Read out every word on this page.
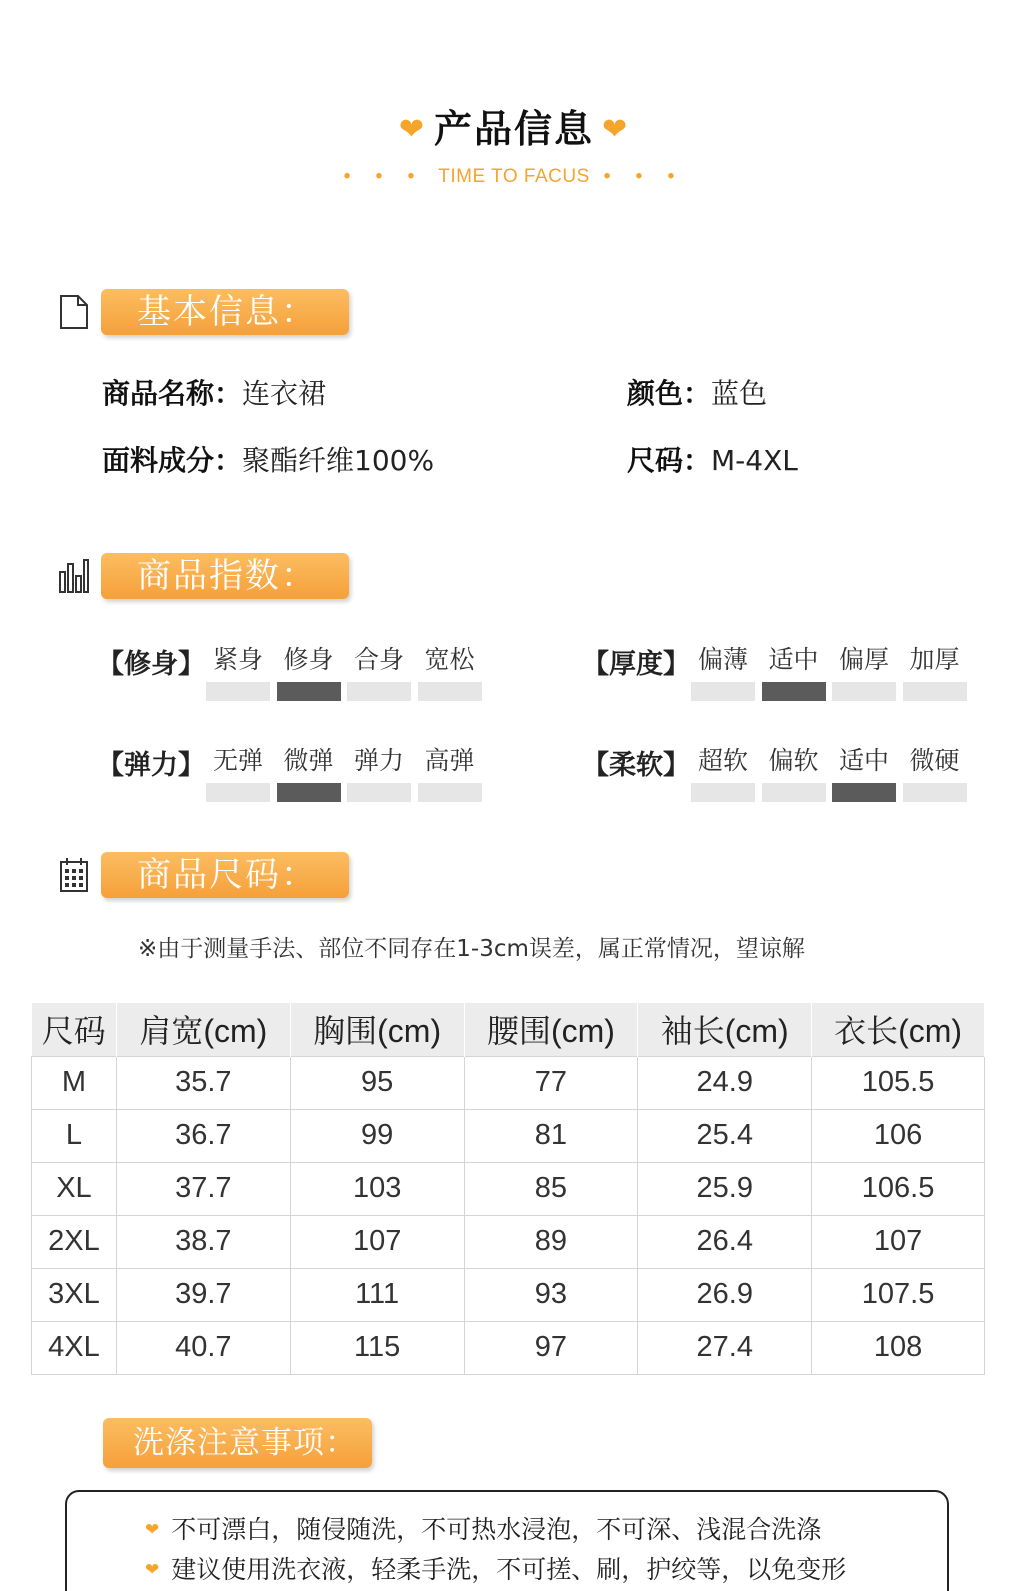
❤ 产品信息 ❤
• • • TIME TO FACUS • • •
基本信息：
商品名称：连衣裙	颜色：蓝色
面料成分：聚酯纤维100%	尺码：M-4XL
商品指数：
【修身】 紧身 修身 合身 宽松	【厚度】 偏薄 适中 偏厚 加厚
【弹力】 无弹 微弹 弹力 高弹	【柔软】 超软 偏软 适中 微硬
商品尺码：
※由于测量手法、部位不同存在1-3cm误差，属正常情况，望谅解
尺码	肩宽(cm)	胸围(cm)	腰围(cm)	袖长(cm)	衣长(cm)
M	35.7	95	77	24.9	105.5
L	36.7	99	81	25.4	106
XL	37.7	103	85	25.9	106.5
2XL	38.7	107	89	26.4	107
3XL	39.7	111	93	26.9	107.5
4XL	40.7	115	97	27.4	108
洗涤注意事项：
❤ 不可漂白，随侵随洗，不可热水浸泡，不可深、浅混合洗涤
❤ 建议使用洗衣液，轻柔手洗，不可搓、刷，护绞等，以免变形
